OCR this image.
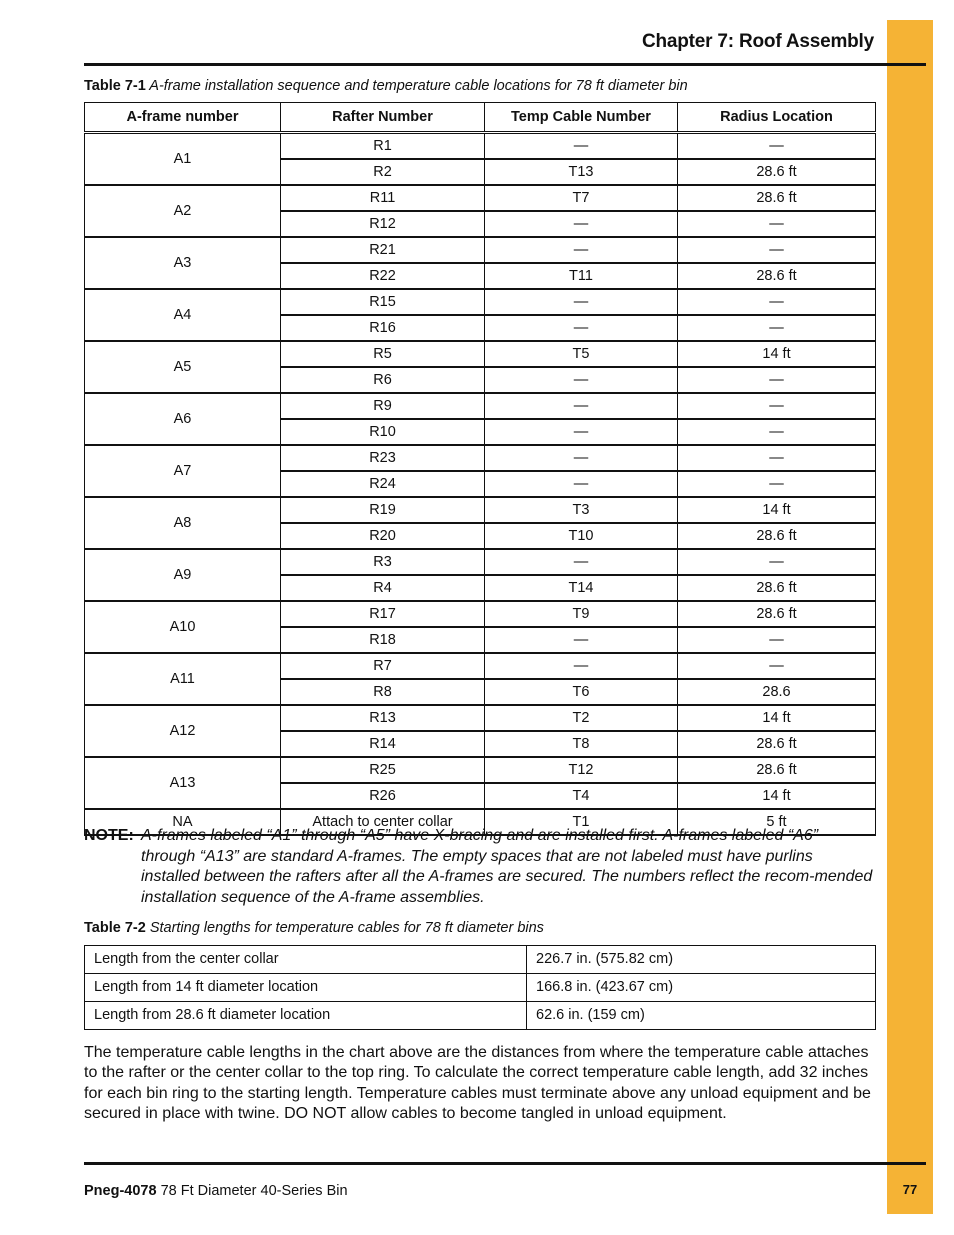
77
Chapter 7: Roof Assembly
Table 7-1 A-frame installation sequence and temperature cable locations for 78 ft diameter bin
A-frame number	Rafter Number	Temp Cable Number	Radius Location
A1	R1	—	—
	R2	T13	28.6 ft
A2	R11	T7	28.6 ft
	R12	—	—
A3	R21	—	—
	R22	T11	28.6 ft
A4	R15	—	—
	R16	—	—
A5	R5	T5	14 ft
	R6	—	—
A6	R9	—	—
	R10	—	—
A7	R23	—	—
	R24	—	—
A8	R19	T3	14 ft
	R20	T10	28.6 ft
A9	R3	—	—
	R4	T14	28.6 ft
A10	R17	T9	28.6 ft
	R18	—	—
A11	R7	—	—
	R8	T6	28.6
A12	R13	T2	14 ft
	R14	T8	28.6 ft
A13	R25	T12	28.6 ft
	R26	T4	14 ft
NA	Attach to center collar	T1	5 ft
NOTE: A-frames labeled “A1” through “A5” have X-bracing and are installed first. A-frames labeled “A6” through “A13” are standard A-frames. The empty spaces that are not labeled must have purlins installed between the rafters after all the A-frames are secured. The numbers reflect the recom-mended installation sequence of the A-frame assemblies.
Table 7-2 Starting lengths for temperature cables for 78 ft diameter bins
Length from the center collar	226.7 in. (575.82 cm)
Length from 14 ft diameter location	166.8 in. (423.67 cm)
Length from 28.6 ft diameter location	62.6 in. (159 cm)
The temperature cable lengths in the chart above are the distances from where the temperature cable attaches to the rafter or the center collar to the top ring. To calculate the correct temperature cable length, add 32 inches for each bin ring to the starting length. Temperature cables must terminate above any unload equipment and be secured in place with twine. DO NOT allow cables to become tangled in unload equipment.
Pneg-4078 78 Ft Diameter 40-Series Bin
